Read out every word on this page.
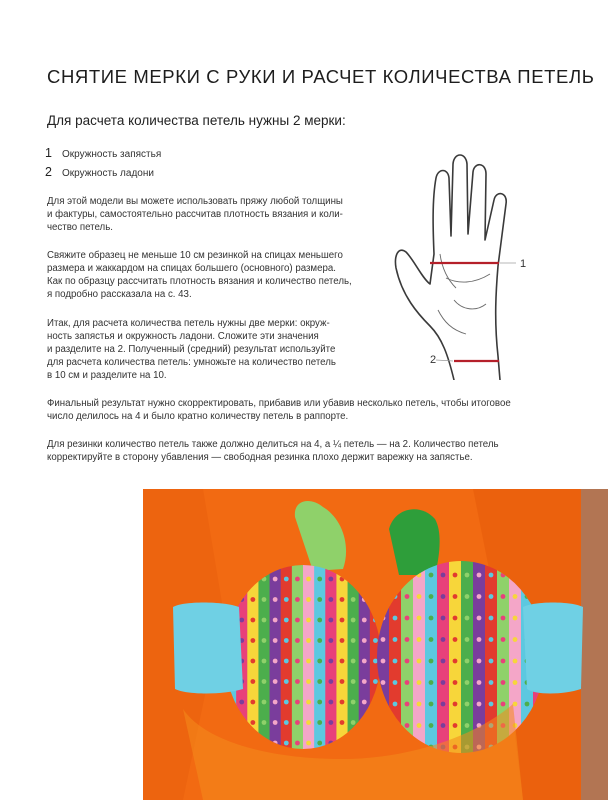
СНЯТИЕ МЕРКИ С РУКИ И РАСЧЕТ КОЛИЧЕСТВА ПЕТЕЛЬ
Для расчета количества петель нужны 2 мерки:
1	Окружность запястья
2	Окружность ладони

Для этой модели вы можете использовать пряжу любой толщины
и фактуры, самостоятельно рассчитав плотность вязания и коли-
чество петель.

Свяжите образец не меньше 10 см резинкой на спицах меньшего
размера и жаккардом на спицах большего (основного) размера.
Как по образцу рассчитать плотность вязания и количество петель,
я подробно рассказала на с. 43.

Итак, для расчета количества петель нужны две мерки: окруж-
ность запястья и окружность ладони. Сложите эти значения
и разделите на 2. Полученный (средний) результат используйте
для расчета количества петель: умножьте на количество петель
в 10 см и разделите на 10.

Финальный результат нужно скорректировать, прибавив или убавив несколько петель, чтобы итоговое
число делилось на 4 и было кратно количеству петель в раппорте.

Для резинки количество петель также должно делиться на 4, а ¼ петель — на 2. Количество петель
корректируйте в сторону убавления — свободная резинка плохо держит варежку на запястье.

1
2
